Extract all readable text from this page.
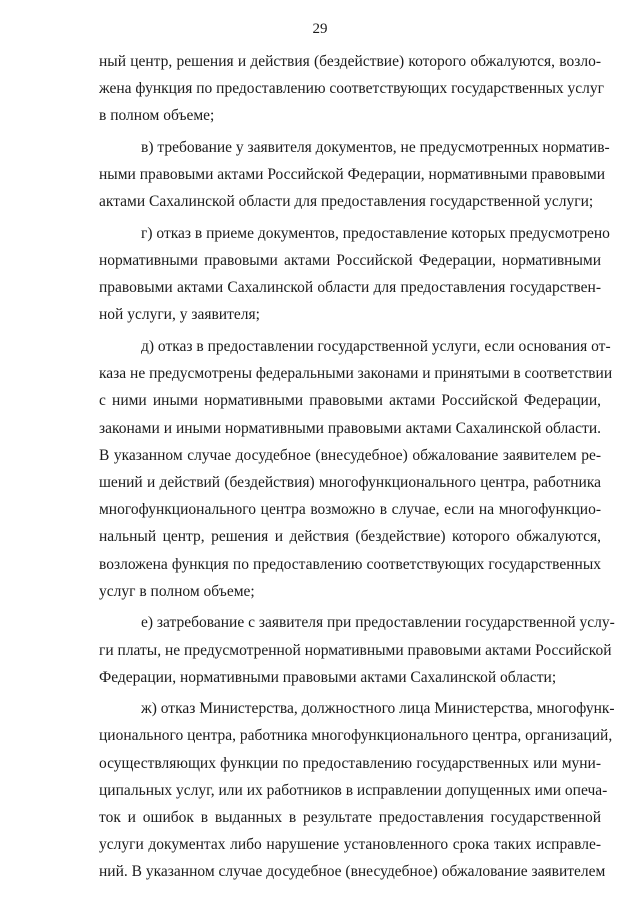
29
ный центр, решения и действия (бездействие) которого обжалуются, возло-
жена функция по предоставлению соответствующих государственных услуг
в полном объеме;
в) требование у заявителя документов, не предусмотренных норматив-
ными правовыми актами Российской Федерации, нормативными правовыми
актами Сахалинской области для предоставления государственной услуги;
г) отказ в приеме документов, предоставление которых предусмотрено
нормативными правовыми актами Российской Федерации, нормативными
правовыми актами Сахалинской области для предоставления государствен-
ной услуги, у заявителя;
д) отказ в предоставлении государственной услуги, если основания от-
каза не предусмотрены федеральными законами и принятыми в соответствии
с ними иными нормативными правовыми актами Российской Федерации,
законами и иными нормативными правовыми актами Сахалинской области.
В указанном случае досудебное (внесудебное) обжалование заявителем ре-
шений и действий (бездействия) многофункционального центра, работника
многофункционального центра возможно в случае, если на многофункцио-
нальный центр, решения и действия (бездействие) которого обжалуются,
возложена функция по предоставлению соответствующих государственных
услуг в полном объеме;
е) затребование с заявителя при предоставлении государственной услу-
ги платы, не предусмотренной нормативными правовыми актами Российской
Федерации, нормативными правовыми актами Сахалинской области;
ж) отказ Министерства, должностного лица Министерства, многофунк-
ционального центра, работника многофункционального центра, организаций,
осуществляющих функции по предоставлению государственных или муни-
ципальных услуг, или их работников в исправлении допущенных ими опеча-
ток и ошибок в выданных в результате предоставления государственной
услуги документах либо нарушение установленного срока таких исправле-
ний. В указанном случае досудебное (внесудебное) обжалование заявителем
